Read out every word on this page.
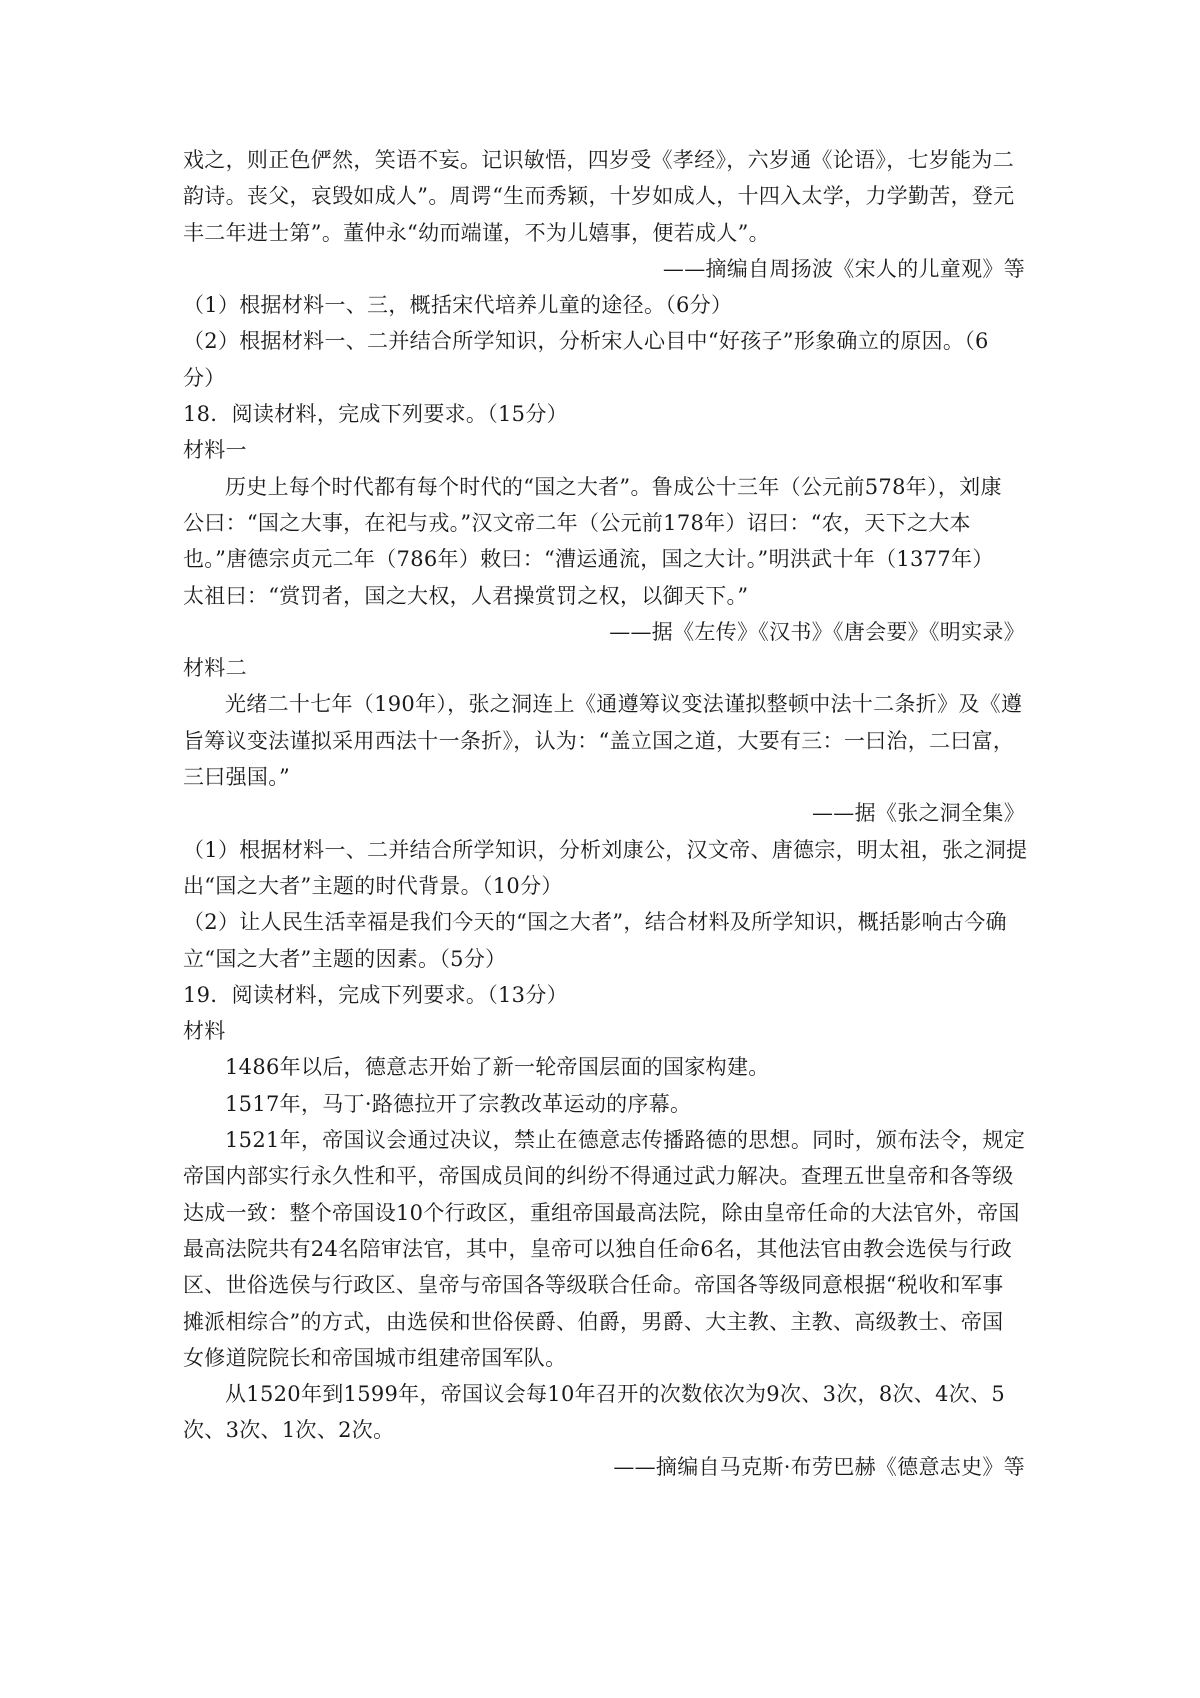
戏之，则正色俨然，笑语不妄。记识敏悟，四岁受《孝经》，六岁通《论语》，七岁能为二
韵诗。丧父，哀毁如成人”。周谔“生而秀颖，十岁如成人，十四入太学，力学勤苦，登元
丰二年进士第”。董仲永“幼而端谨，不为儿嬉事，便若成人”。
——摘编自周扬波《宋人的儿童观》等
（1）根据材料一、三，概括宋代培养儿童的途径。（6分）
（2）根据材料一、二并结合所学知识，分析宋人心目中“好孩子”形象确立的原因。（6
分）
18．阅读材料，完成下列要求。（15分）
材料一
历史上每个时代都有每个时代的“国之大者”。鲁成公十三年（公元前578年），刘康
公曰：“国之大事，在祀与戎。”汉文帝二年（公元前178年）诏曰：“农，天下之大本
也。”唐德宗贞元二年（786年）敕曰：“漕运通流，国之大计。”明洪武十年（1377年）
太祖曰：“赏罚者，国之大权，人君操赏罚之权，以御天下。”
——据《左传》《汉书》《唐会要》《明实录》
材料二
光绪二十七年（190年），张之洞连上《通遵筹议变法谨拟整顿中法十二条折》及《遵
旨筹议变法谨拟采用西法十一条折》，认为：“盖立国之道，大要有三：一曰治，二曰富，
三曰强国。”
——据《张之洞全集》
（1）根据材料一、二并结合所学知识，分析刘康公，汉文帝、唐德宗，明太祖，张之洞提
出“国之大者”主题的时代背景。（10分）
（2）让人民生活幸福是我们今天的“国之大者”，结合材料及所学知识，概括影响古今确
立“国之大者”主题的因素。（5分）
19．阅读材料，完成下列要求。（13分）
材料
1486年以后，德意志开始了新一轮帝国层面的国家构建。
1517年，马丁·路德拉开了宗教改革运动的序幕。
1521年，帝国议会通过决议，禁止在德意志传播路德的思想。同时，颁布法令，规定
帝国内部实行永久性和平，帝国成员间的纠纷不得通过武力解决。查理五世皇帝和各等级
达成一致：整个帝国设10个行政区，重组帝国最高法院，除由皇帝任命的大法官外，帝国
最高法院共有24名陪审法官，其中，皇帝可以独自任命6名，其他法官由教会选侯与行政
区、世俗选侯与行政区、皇帝与帝国各等级联合任命。帝国各等级同意根据“税收和军事
摊派相综合”的方式，由选侯和世俗侯爵、伯爵，男爵、大主教、主教、高级教士、帝国
女修道院院长和帝国城市组建帝国军队。
从1520年到1599年，帝国议会每10年召开的次数依次为9次、3次，8次、4次、5
次、3次、1次、2次。
——摘编自马克斯·布劳巴赫《德意志史》等
